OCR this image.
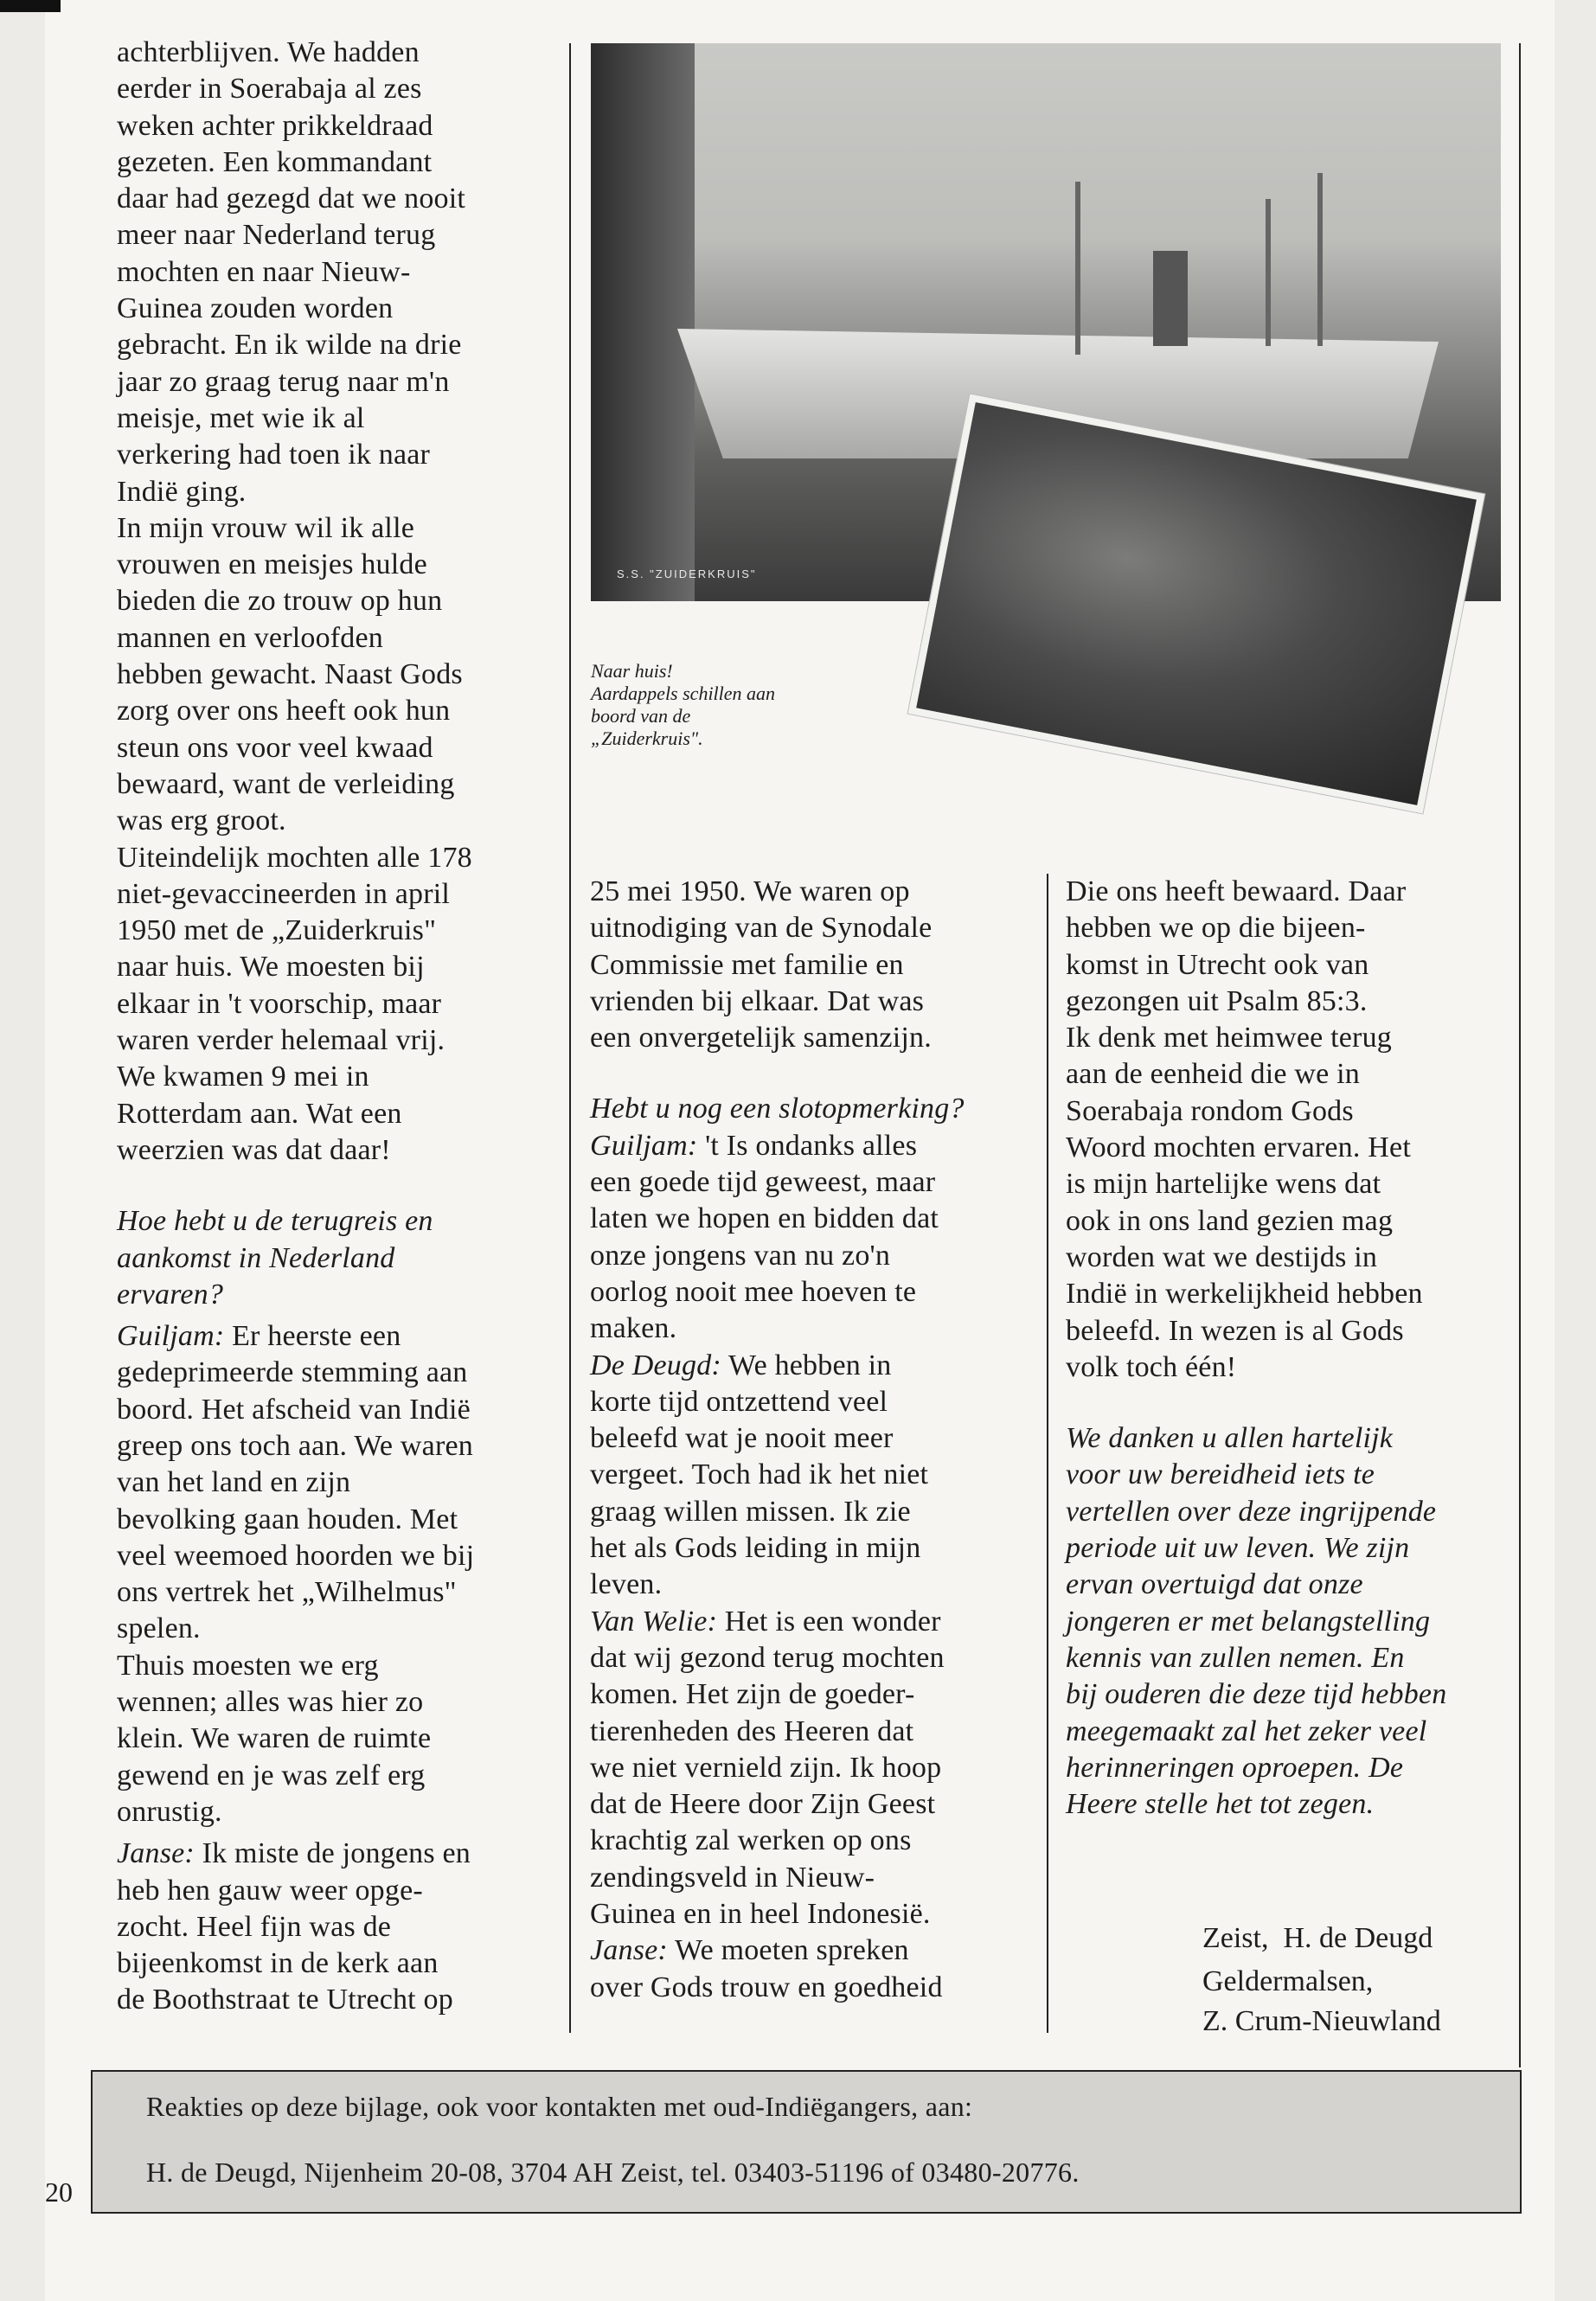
achterblijven. We hadden

eerder in Soerabaja al zes

weken achter prikkeldraad

gezeten. Een kommandant

daar had gezegd dat we nooit

meer naar Nederland terug

mochten en naar Nieuw-

Guinea zouden worden

gebracht. En ik wilde na drie

jaar zo graag terug naar m'n

meisje, met wie ik al

verkering had toen ik naar

Indië ging.

In mijn vrouw wil ik alle

vrouwen en meisjes hulde

bieden die zo trouw op hun

mannen en verloofden

hebben gewacht. Naast Gods

zorg over ons heeft ook hun

steun ons voor veel kwaad

bewaard, want de verleiding

was erg groot.

Uiteindelijk mochten alle 178

niet-gevaccineerden in april

1950 met de „Zuiderkruis"

naar huis. We moesten bij

elkaar in 't voorschip, maar

waren verder helemaal vrij.

We kwamen 9 mei in

Rotterdam aan. Wat een

weerzien was dat daar!

Hoe hebt u de terugreis en

aankomst in Nederland

ervaren?

Guiljam: Er heerste een

gedeprimeerde stemming aan

boord. Het afscheid van Indië

greep ons toch aan. We waren

van het land en zijn

bevolking gaan houden. Met

veel weemoed hoorden we bij

ons vertrek het „Wilhelmus"

spelen.

Thuis moesten we erg

wennen; alles was hier zo

klein. We waren de ruimte

gewend en je was zelf erg

onrustig.

Janse: Ik miste de jongens en

heb hen gauw weer opge-

zocht. Heel fijn was de

bijeenkomst in de kerk aan

de Boothstraat te Utrecht op

S.S. "ZUIDERKRUIS"

Naar huis!

Aardappels schillen aan

boord van de

„Zuiderkruis".

25 mei 1950. We waren op

uitnodiging van de Synodale

Commissie met familie en

vrienden bij elkaar. Dat was

een onvergetelijk samenzijn.

Hebt u nog een slotopmerking?

Guiljam: 't Is ondanks alles

een goede tijd geweest, maar

laten we hopen en bidden dat

onze jongens van nu zo'n

oorlog nooit mee hoeven te

maken.

De Deugd: We hebben in

korte tijd ontzettend veel

beleefd wat je nooit meer

vergeet. Toch had ik het niet

graag willen missen. Ik zie

het als Gods leiding in mijn

leven.

Van Welie: Het is een wonder

dat wij gezond terug mochten

komen. Het zijn de goeder-

tierenheden des Heeren dat

we niet vernield zijn. Ik hoop

dat de Heere door Zijn Geest

krachtig zal werken op ons

zendingsveld in Nieuw-

Guinea en in heel Indonesië.

Janse: We moeten spreken

over Gods trouw en goedheid

Die ons heeft bewaard. Daar

hebben we op die bijeen-

komst in Utrecht ook van

gezongen uit Psalm 85:3.

Ik denk met heimwee terug

aan de eenheid die we in

Soerabaja rondom Gods

Woord mochten ervaren. Het

is mijn hartelijke wens dat

ook in ons land gezien mag

worden wat we destijds in

Indië in werkelijkheid hebben

beleefd. In wezen is al Gods

volk toch één!

We danken u allen hartelijk

voor uw bereidheid iets te

vertellen over deze ingrijpende

periode uit uw leven. We zijn

ervan overtuigd dat onze

jongeren er met belangstelling

kennis van zullen nemen. En

bij ouderen die deze tijd hebben

meegemaakt zal het zeker veel

herinneringen oproepen. De

Heere stelle het tot zegen.

Zeist, H. de Deugd
Geldermalsen,
Z. Crum-Nieuwland

Reakties op deze bijlage, ook voor kontakten met oud-Indiëgangers, aan:

H. de Deugd, Nijenheim 20-08, 3704 AH Zeist, tel. 03403-51196 of 03480-20776.

20
